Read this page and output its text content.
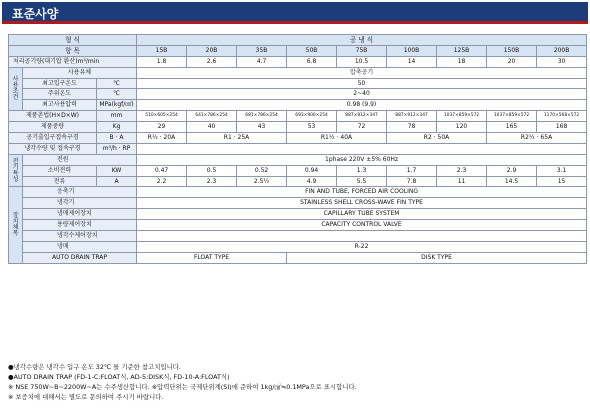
표준사양
형 식			공 냉 식								
항 목			15B	20B	35B	50B	75B	100B	125B	150B	200B
처리공기량(대기압 환산)m³/min			1.8	2.6	4.7	6.8	10.5	14	18	20	30
사용조건	사용유체		압축공기								
	최고입구온도	℃	50								
	주위온도	℃	2~40								
	최고사용압력	MPa(kgf/㎠)	0.98 (9.9)								
제품촌법(H×D×W)		mm	510×605×254	641×786×254	681×786×254	693×900×254	887×912×347	887×912×347	1037×859×572	1037×859×572	1170×568×572
제품중량		Kg	29	40	43	53	72	78	120	165	168
공기출입구접속구경		B · A	R½ · 20A	R1 · 25A		R1½ · 40A		R2 · 50A		R2½ · 65A	
냉각수량 및 접속구경		m³/h · RP									
전기특성	전원		1phase 220V ±5% 60Hz								
	소비전력	KW	0.47	0.5	0.52	0.94	1.3	1.7	2.3	2.9	3.1
	전류	A	2.2	2.3	2.5½	4.9	5.5	7.8	11	14.5	15
장치체목	응축기		FIN AND TUBE, FORCED AIR COOLING								
	냉각기		STAINLESS SHELL CROSS-WAVE FIN TYPE								
	냉매제어장치		CAPILLARY TUBE SYSTEM								
	용량제어장치		CAPACITY CONTROL VALVE								
	냉각수제어장치										
	냉매		R-22								
	AUTO DRAIN TRAP		FLOAT TYPE			DISK TYPE					
●냉각수량은 냉각수 입구 온도 32℃ 를 기준한 참고치입니다.
●AUTO DRAIN TRAP (FD-1-C:FLOAT식, AD-5:DISK식, FD-10-A:FLOAT식)
※ NSE 750W~B~2200W~A는 수주생산합니다. ※압력단위는 국제단위계(SI)에 준하여 1kg/㎠≒0.1MPa으로 표시합니다.
※ 보증치에 대해서는 별도로 문의하여 주시기 바랍니다.
